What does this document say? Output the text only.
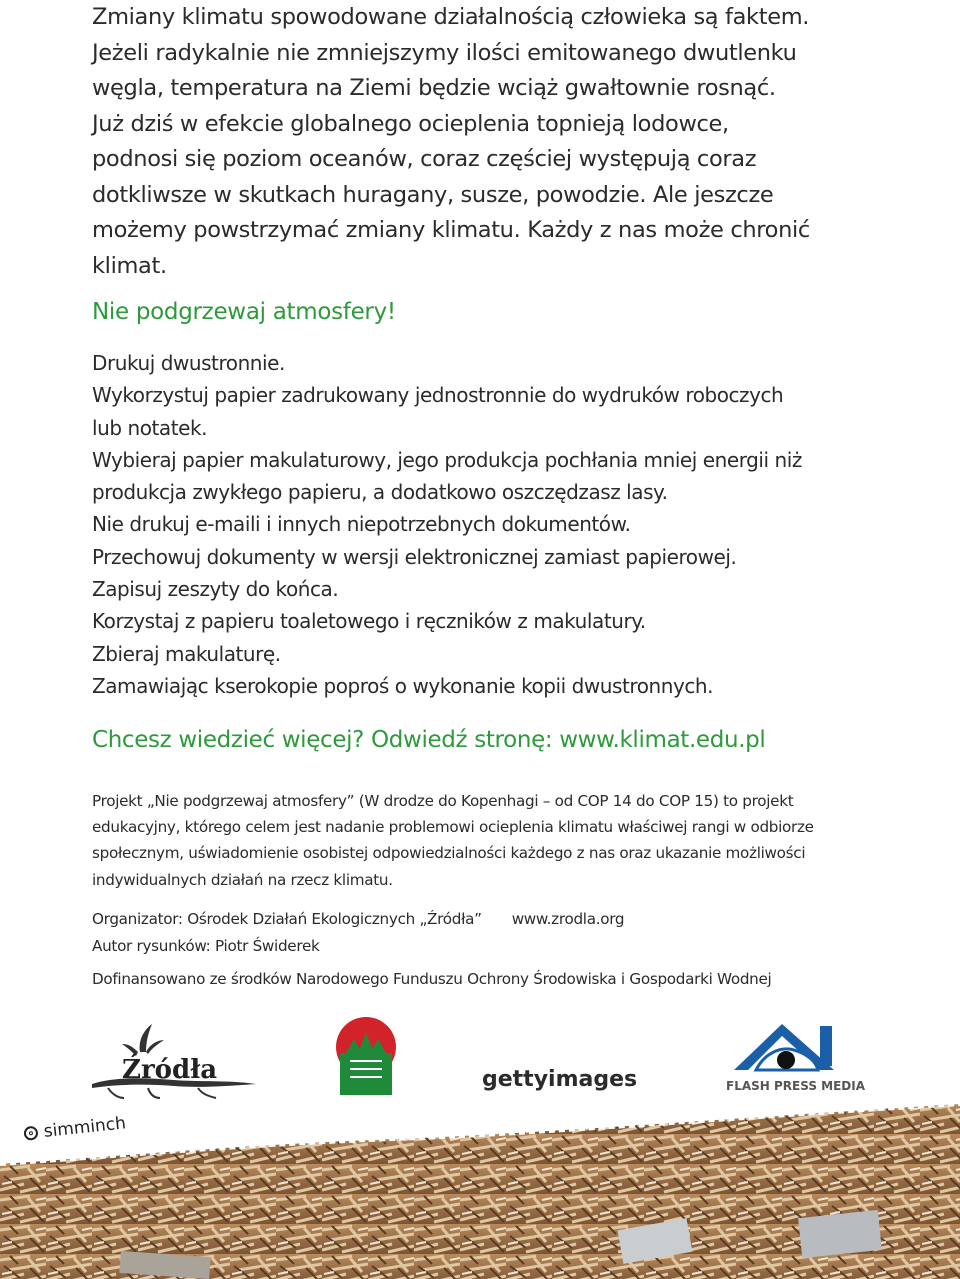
Zmiany klimatu spowodowane działalnością człowieka są faktem.
Jeżeli radykalnie nie zmniejszymy ilości emitowanego dwutlenku
węgla, temperatura na Ziemi będzie wciąż gwałtownie rosnąć.
Już dziś w efekcie globalnego ocieplenia topnieją lodowce,
podnosi się poziom oceanów, coraz częściej występują coraz
dotkliwsze w skutkach huragany, susze, powodzie. Ale jeszcze
możemy powstrzymać zmiany klimatu. Każdy z nas może chronić
klimat.
Nie podgrzewaj atmosfery!
Drukuj dwustronnie.
Wykorzystuj papier zadrukowany jednostronnie do wydruków roboczych
lub notatek.
Wybieraj papier makulaturowy, jego produkcja pochłania mniej energii niż
produkcja zwykłego papieru, a dodatkowo oszczędzasz lasy.
Nie drukuj e-maili i innych niepotrzebnych dokumentów.
Przechowuj dokumenty w wersji elektronicznej zamiast papierowej.
Zapisuj zeszyty do końca.
Korzystaj z papieru toaletowego i ręczników z makulatury.
Zbieraj makulaturę.
Zamawiając kserokopie poproś o wykonanie kopii dwustronnych.
Chcesz wiedzieć więcej? Odwiedź stronę: www.klimat.edu.pl
Projekt „Nie podgrzewaj atmosfery” (W drodze do Kopenhagi – od COP 14 do COP 15) to projekt
edukacyjny, którego celem jest nadanie problemowi ocieplenia klimatu właściwej rangi w odbiorze
społecznym, uświadomienie osobistej odpowiedzialności każdego z nas oraz ukazanie możliwości
indywidualnych działań na rzecz klimatu.
Organizator: Ośrodek Działań Ekologicznych „Źródła” www.zrodla.org
Autor rysunków: Piotr Świderek
Dofinansowano ze środków Narodowego Funduszu Ochrony Środowiska i Gospodarki Wodnej
Źródła	gettyimages	FLASH PRESS MEDIA
simminch
